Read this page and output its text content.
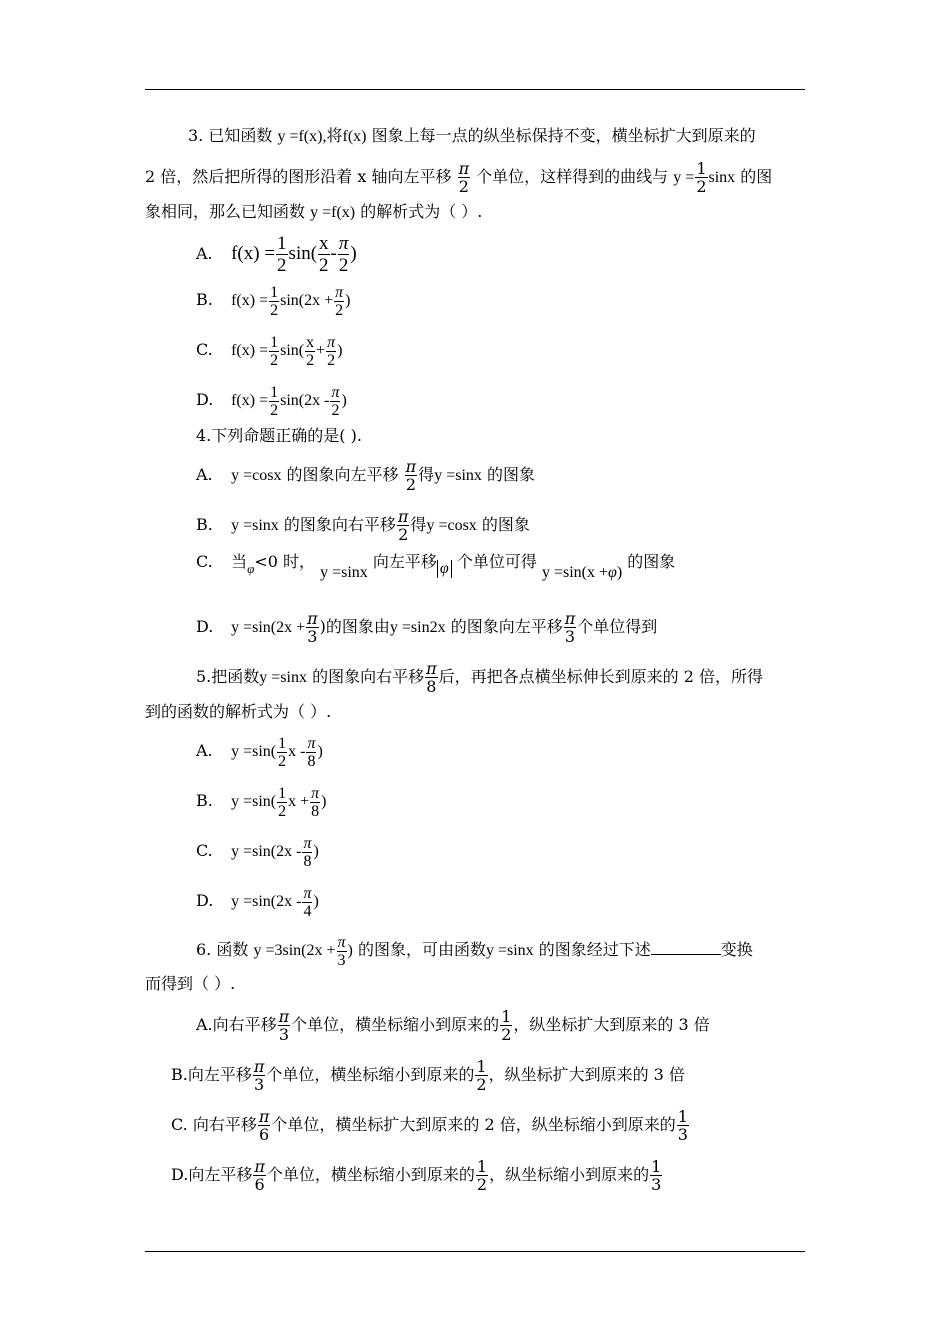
3. 已知函数 y =f(x),将f(x) 图象上每一点的纵坐标保持不变，横坐标扩大到原来的
2 倍，然后把所得的图形沿着 x 轴向左平移 $\frac{\pi}{2}$ 个单位，这样得到的曲线与 $y = \frac{1}{2}$ sinx 的图
象相同，那么已知函数 y =f(x) 的解析式为（ ）.
A. $f(x) = \frac{1}{2} \sin( \frac{x}{2} - \frac{\pi}{2}$ )
B. $f(x) = \frac{1}{2} \sin(2x + \frac{\pi}{2}$ )
C. $f(x) = \frac{1}{2} \sin( \frac{x}{2} + \frac{\pi}{2}$ )
D. $f(x) = \frac{1}{2} \sin(2x - \frac{\pi}{2}$ )
4.下列命题正确的是( ).
A. y =cosx 的图象向左平移 $\frac{\pi}{2}$ 得y =sinx 的图象
B. y =sinx 的图象向右平移 $\frac{\pi}{2}$ 得y =cosx 的图象
C. 当$_\varphi$<0 时， y =sinx 向左平移 φ 个单位可得 y =sin(x +φ) 的图象
D. $y =\sin(2x + \frac{\pi}{3}$ )的图象由y =sin2x 的图象向左平移 $\frac{\pi}{3}$ 个单位得到
5.把函数y =sinx 的图象向右平移 $\frac{\pi}{8}$ 后，再把各点横坐标伸长到原来的 2 倍，所得
到的函数的解析式为（ ）.
A. $y =\sin( \frac{1}{2}$ x - $\frac{\pi}{8}$ )
B. $y =\sin( \frac{1}{2}$ $x + \frac{\pi}{8}$ )
C. $y =\sin(2x - \frac{\pi}{8}$ )
D. $y =\sin(2x - \frac{\pi}{4}$ )
6. 函数 $y =3\sin(2x + \frac{\pi}{3}$ ) 的图象，可由函数y =sinx 的图象经过下述	变换
而得到（ ）.
A.向右平移 $\frac{\pi}{3}$ 个单位，横坐标缩小到原来的 $\frac{1}{2}$ ，纵坐标扩大到原来的 3 倍
B.向左平移 $\frac{\pi}{3}$ 个单位，横坐标缩小到原来的 $\frac{1}{2}$ ，纵坐标扩大到原来的 3 倍
C. 向右平移 $\frac{\pi}{6}$ 个单位，横坐标扩大到原来的 2 倍，纵坐标缩小到原来的 $\frac{1}{3}$
D.向左平移 $\frac{\pi}{6}$ 个单位，横坐标缩小到原来的 $\frac{1}{2}$ ，纵坐标缩小到原来的 $\frac{1}{3}$
